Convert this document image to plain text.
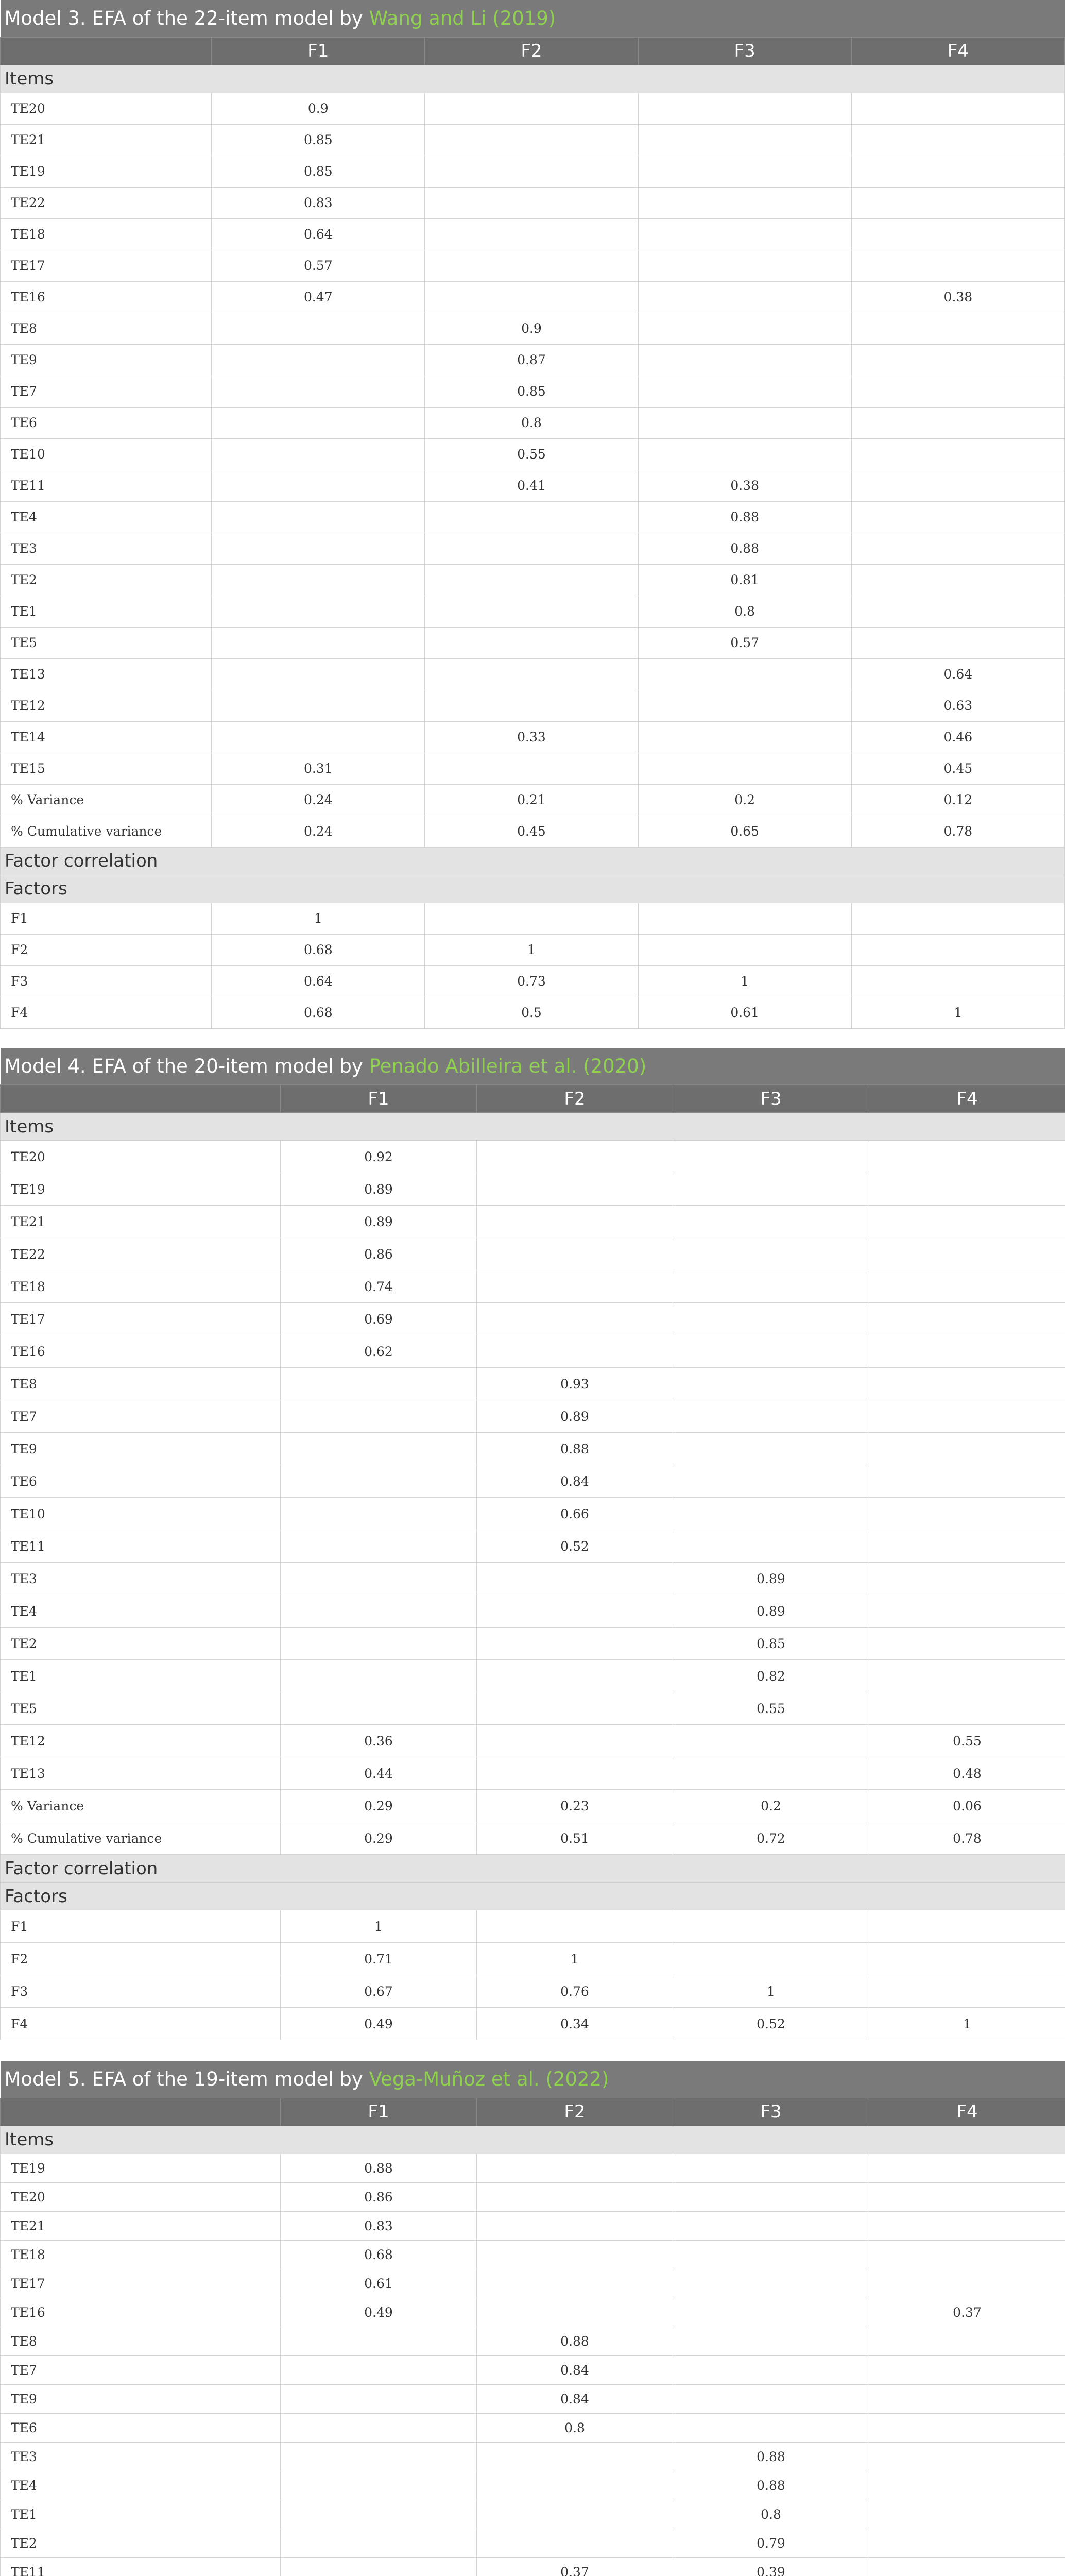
Model 3. EFA of the 22-item model by Wang and Li (2019)				
	F1	F2	F3	F4
Items				
TE20	0.9			
TE21	0.85			
TE19	0.85			
TE22	0.83			
TE18	0.64			
TE17	0.57			
TE16	0.47			0.38
TE8		0.9		
TE9		0.87		
TE7		0.85		
TE6		0.8		
TE10		0.55		
TE11		0.41	0.38	
TE4			0.88	
TE3			0.88	
TE2			0.81	
TE1			0.8	
TE5			0.57	
TE13				0.64
TE12				0.63
TE14		0.33		0.46
TE15	0.31			0.45
% Variance	0.24	0.21	0.2	0.12
% Cumulative variance	0.24	0.45	0.65	0.78
Factor correlation				
Factors				
F1	1			
F2	0.68	1		
F3	0.64	0.73	1	
F4	0.68	0.5	0.61	1
Model 4. EFA of the 20-item model by Penado Abilleira et al. (2020)				
	F1	F2	F3	F4
Items				
TE20	0.92			
TE19	0.89			
TE21	0.89			
TE22	0.86			
TE18	0.74			
TE17	0.69			
TE16	0.62			
TE8		0.93		
TE7		0.89		
TE9		0.88		
TE6		0.84		
TE10		0.66		
TE11		0.52		
TE3			0.89	
TE4			0.89	
TE2			0.85	
TE1			0.82	
TE5			0.55	
TE12	0.36			0.55
TE13	0.44			0.48
% Variance	0.29	0.23	0.2	0.06
% Cumulative variance	0.29	0.51	0.72	0.78
Factor correlation				
Factors				
F1	1			
F2	0.71	1		
F3	0.67	0.76	1	
F4	0.49	0.34	0.52	1
Model 5. EFA of the 19-item model by Vega-Muñoz et al. (2022)				
	F1	F2	F3	F4
Items				
TE19	0.88			
TE20	0.86			
TE21	0.83			
TE18	0.68			
TE17	0.61			
TE16	0.49			0.37
TE8		0.88		
TE7		0.84		
TE9		0.84		
TE6		0.8		
TE3			0.88	
TE4			0.88	
TE1			0.8	
TE2			0.79	
TE11		0.37	0.39	
